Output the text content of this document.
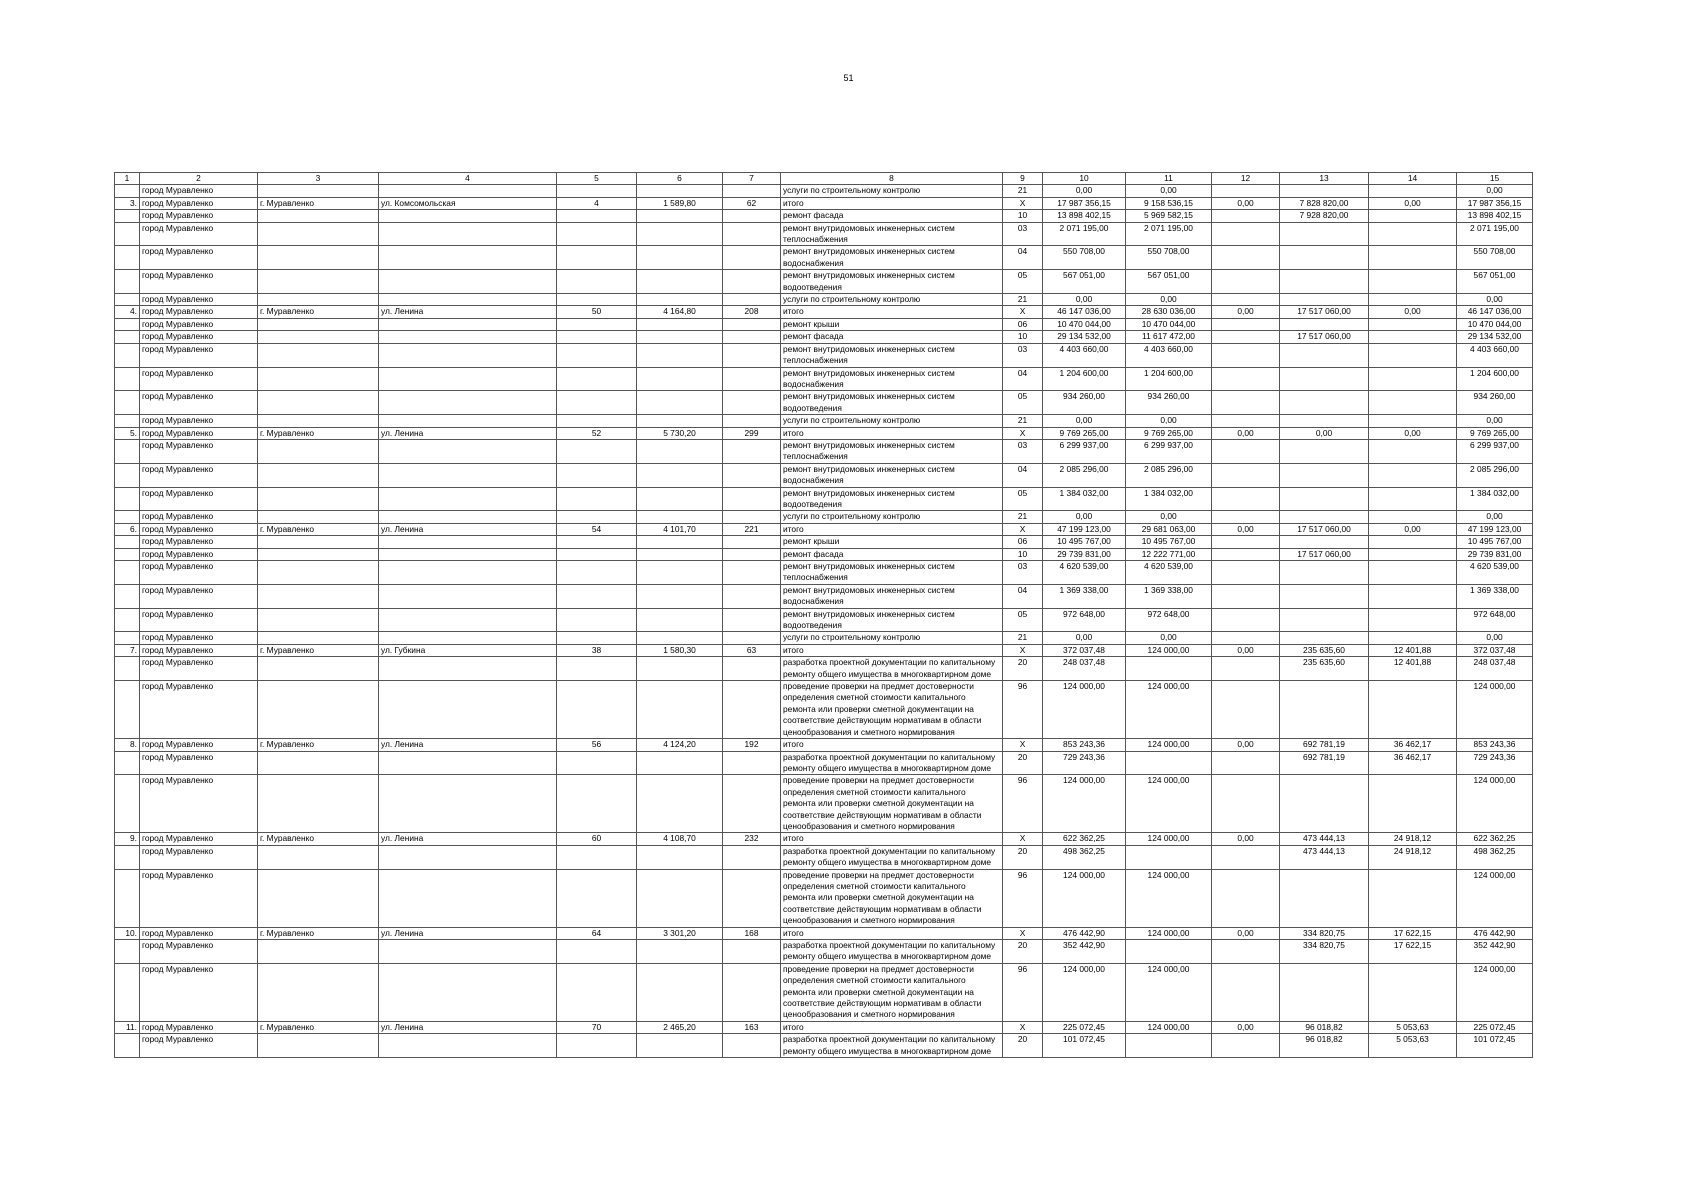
51
1	2	3	4	5	6	7	8	9	10	11	12	13	14	15
	город Муравленко						услуги по строительному контролю	21	0,00	0,00				0,00
3.	город Муравленко	г. Муравленко	ул. Комсомольская	4	1 589,80	62	итого	X	17 987 356,15	9 158 536,15	0,00	7 828 820,00	0,00	17 987 356,15
	город Муравленко						ремонт фасада	10	13 898 402,15	5 969 582,15		7 928 820,00		13 898 402,15
	город Муравленко						ремонт внутридомовых инженерных систем теплоснабжения	03	2 071 195,00	2 071 195,00				2 071 195,00
	город Муравленко						ремонт внутридомовых инженерных систем водоснабжения	04	550 708,00	550 708,00				550 708,00
	город Муравленко						ремонт внутридомовых инженерных систем водоотведения	05	567 051,00	567 051,00				567 051,00
	город Муравленко						услуги по строительному контролю	21	0,00	0,00				0,00
4.	город Муравленко	г. Муравленко	ул. Ленина	50	4 164,80	208	итого	X	46 147 036,00	28 630 036,00	0,00	17 517 060,00	0,00	46 147 036,00
	город Муравленко						ремонт крыши	06	10 470 044,00	10 470 044,00				10 470 044,00
	город Муравленко						ремонт фасада	10	29 134 532,00	11 617 472,00		17 517 060,00		29 134 532,00
	город Муравленко						ремонт внутридомовых инженерных систем теплоснабжения	03	4 403 660,00	4 403 660,00				4 403 660,00
	город Муравленко						ремонт внутридомовых инженерных систем водоснабжения	04	1 204 600,00	1 204 600,00				1 204 600,00
	город Муравленко						ремонт внутридомовых инженерных систем водоотведения	05	934 260,00	934 260,00				934 260,00
	город Муравленко						услуги по строительному контролю	21	0,00	0,00				0,00
5.	город Муравленко	г. Муравленко	ул. Ленина	52	5 730,20	299	итого	X	9 769 265,00	9 769 265,00	0,00	0,00	0,00	9 769 265,00
	город Муравленко						ремонт внутридомовых инженерных систем теплоснабжения	03	6 299 937,00	6 299 937,00				6 299 937,00
	город Муравленко						ремонт внутридомовых инженерных систем водоснабжения	04	2 085 296,00	2 085 296,00				2 085 296,00
	город Муравленко						ремонт внутридомовых инженерных систем водоотведения	05	1 384 032,00	1 384 032,00				1 384 032,00
	город Муравленко						услуги по строительному контролю	21	0,00	0,00				0,00
6.	город Муравленко	г. Муравленко	ул. Ленина	54	4 101,70	221	итого	X	47 199 123,00	29 681 063,00	0,00	17 517 060,00	0,00	47 199 123,00
	город Муравленко						ремонт крыши	06	10 495 767,00	10 495 767,00				10 495 767,00
	город Муравленко						ремонт фасада	10	29 739 831,00	12 222 771,00		17 517 060,00		29 739 831,00
	город Муравленко						ремонт внутридомовых инженерных систем теплоснабжения	03	4 620 539,00	4 620 539,00				4 620 539,00
	город Муравленко						ремонт внутридомовых инженерных систем водоснабжения	04	1 369 338,00	1 369 338,00				1 369 338,00
	город Муравленко						ремонт внутридомовых инженерных систем водоотведения	05	972 648,00	972 648,00				972 648,00
	город Муравленко						услуги по строительному контролю	21	0,00	0,00				0,00
7.	город Муравленко	г. Муравленко	ул. Губкина	38	1 580,30	63	итого	X	372 037,48	124 000,00	0,00	235 635,60	12 401,88	372 037,48
	город Муравленко						разработка проектной документации по капитальному ремонту общего имущества в многоквартирном доме	20	248 037,48			235 635,60	12 401,88	248 037,48
	город Муравленко						проведение проверки на предмет достоверности определения сметной стоимости капитального ремонта или проверки сметной документации на соответствие действующим нормативам в области ценообразования и сметного нормирования	96	124 000,00	124 000,00				124 000,00
8.	город Муравленко	г. Муравленко	ул. Ленина	56	4 124,20	192	итого	X	853 243,36	124 000,00	0,00	692 781,19	36 462,17	853 243,36
	город Муравленко						разработка проектной документации по капитальному ремонту общего имущества в многоквартирном доме	20	729 243,36			692 781,19	36 462,17	729 243,36
	город Муравленко						проведение проверки на предмет достоверности определения сметной стоимости капитального ремонта или проверки сметной документации на соответствие действующим нормативам в области ценообразования и сметного нормирования	96	124 000,00	124 000,00				124 000,00
9.	город Муравленко	г. Муравленко	ул. Ленина	60	4 108,70	232	итого	X	622 362,25	124 000,00	0,00	473 444,13	24 918,12	622 362,25
	город Муравленко						разработка проектной документации по капитальному ремонту общего имущества в многоквартирном доме	20	498 362,25			473 444,13	24 918,12	498 362,25
	город Муравленко						проведение проверки на предмет достоверности определения сметной стоимости капитального ремонта или проверки сметной документации на соответствие действующим нормативам в области ценообразования и сметного нормирования	96	124 000,00	124 000,00				124 000,00
10.	город Муравленко	г. Муравленко	ул. Ленина	64	3 301,20	168	итого	X	476 442,90	124 000,00	0,00	334 820,75	17 622,15	476 442,90
	город Муравленко						разработка проектной документации по капитальному ремонту общего имущества в многоквартирном доме	20	352 442,90			334 820,75	17 622,15	352 442,90
	город Муравленко						проведение проверки на предмет достоверности определения сметной стоимости капитального ремонта или проверки сметной документации на соответствие действующим нормативам в области ценообразования и сметного нормирования	96	124 000,00	124 000,00				124 000,00
11.	город Муравленко	г. Муравленко	ул. Ленина	70	2 465,20	163	итого	X	225 072,45	124 000,00	0,00	96 018,82	5 053,63	225 072,45
	город Муравленко						разработка проектной документации по капитальному ремонту общего имущества в многоквартирном доме	20	101 072,45			96 018,82	5 053,63	101 072,45
